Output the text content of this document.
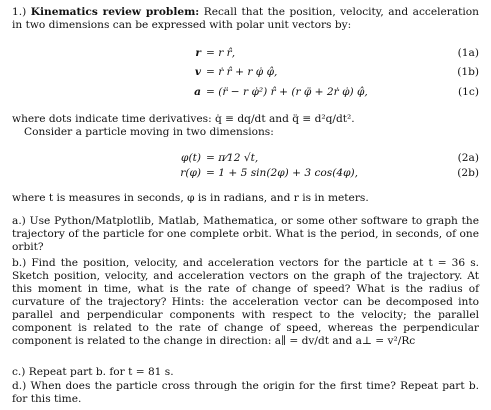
1.) Kinematics review problem: Recall that the position, velocity, and acceleration in two dimensions can be expressed with polar unit vectors by:
r = r r̂,	(1a)
v = ṙ r̂ + r φ̇ φ̂,	(1b)
a = (r̈ − r φ̇²) r̂ + (r φ̈ + 2ṙ φ̇) φ̂,	(1c)
where dots indicate time derivatives: q̇ ≡ dq/dt and q̈ ≡ d²q/dt².
Consider a particle moving in two dimensions:
φ(t) = π⁄12 √t,	(2a)
r(φ) = 1 + 5 sin(2φ) + 3 cos(4φ),	(2b)
where t is measures in seconds, φ is in radians, and r is in meters.
a.) Use Python/Matplotlib, Matlab, Mathematica, or some other software to graph the trajectory of the particle for one complete orbit. What is the period, in seconds, of one orbit?
b.) Find the position, velocity, and acceleration vectors for the particle at t = 36 s. Sketch position, velocity, and acceleration vectors on the graph of the trajectory. At this moment in time, what is the rate of change of speed? What is the radius of curvature of the trajectory? Hints: the acceleration vector can be decomposed into parallel and perpendicular components with respect to the velocity; the parallel component is related to the rate of change of speed, whereas the perpendicular component is related to the change in direction: a∥ = dv/dt and a⊥ = v²/Rc
c.) Repeat part b. for t = 81 s.
d.) When does the particle cross through the origin for the first time? Repeat part b. for this time.
